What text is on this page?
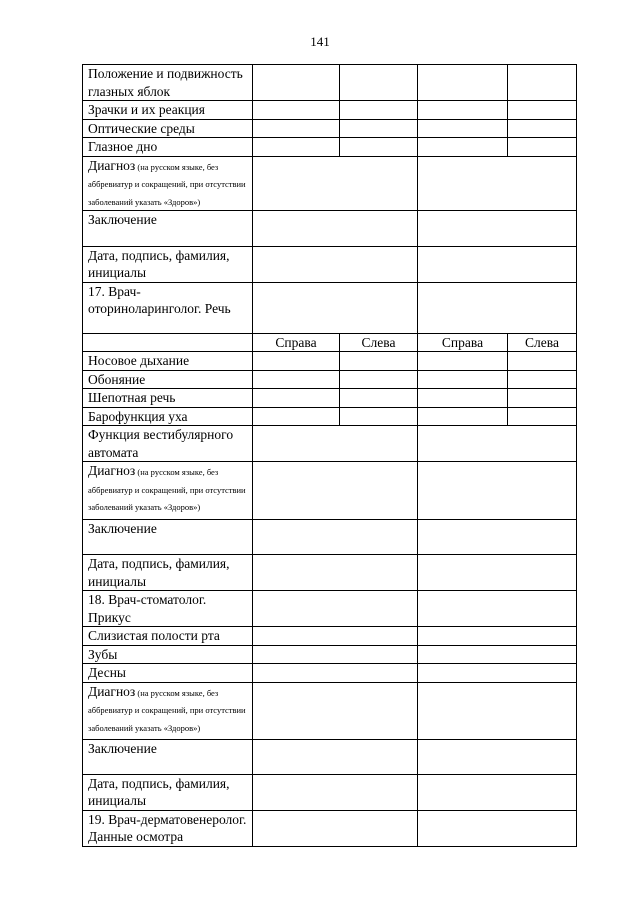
141
Положение и подвижность глазных яблок				
Зрачки и их реакция				
Оптические среды				
Глазное дно				
Диагноз (на русском языке, без аббревиатур и сокращений, при отсутствии заболеваний указать «Здоров»)				
Заключение				
Дата, подпись, фамилия, инициалы				
17. Врач-оториноларинголог. Речь				
	Справа	Слева	Справа	Слева
Носовое дыхание				
Обоняние				
Шепотная речь				
Барофункция уха				
Функция вестибулярного автомата				
Диагноз (на русском языке, без аббревиатур и сокращений, при отсутствии заболеваний указать «Здоров»)				
Заключение				
Дата, подпись, фамилия, инициалы				
18. Врач-стоматолог. Прикус				
Слизистая полости рта				
Зубы				
Десны				
Диагноз (на русском языке, без аббревиатур и сокращений, при отсутствии заболеваний указать «Здоров»)				
Заключение				
Дата, подпись, фамилия, инициалы				
19. Врач-дерматовенеролог. Данные осмотра				
